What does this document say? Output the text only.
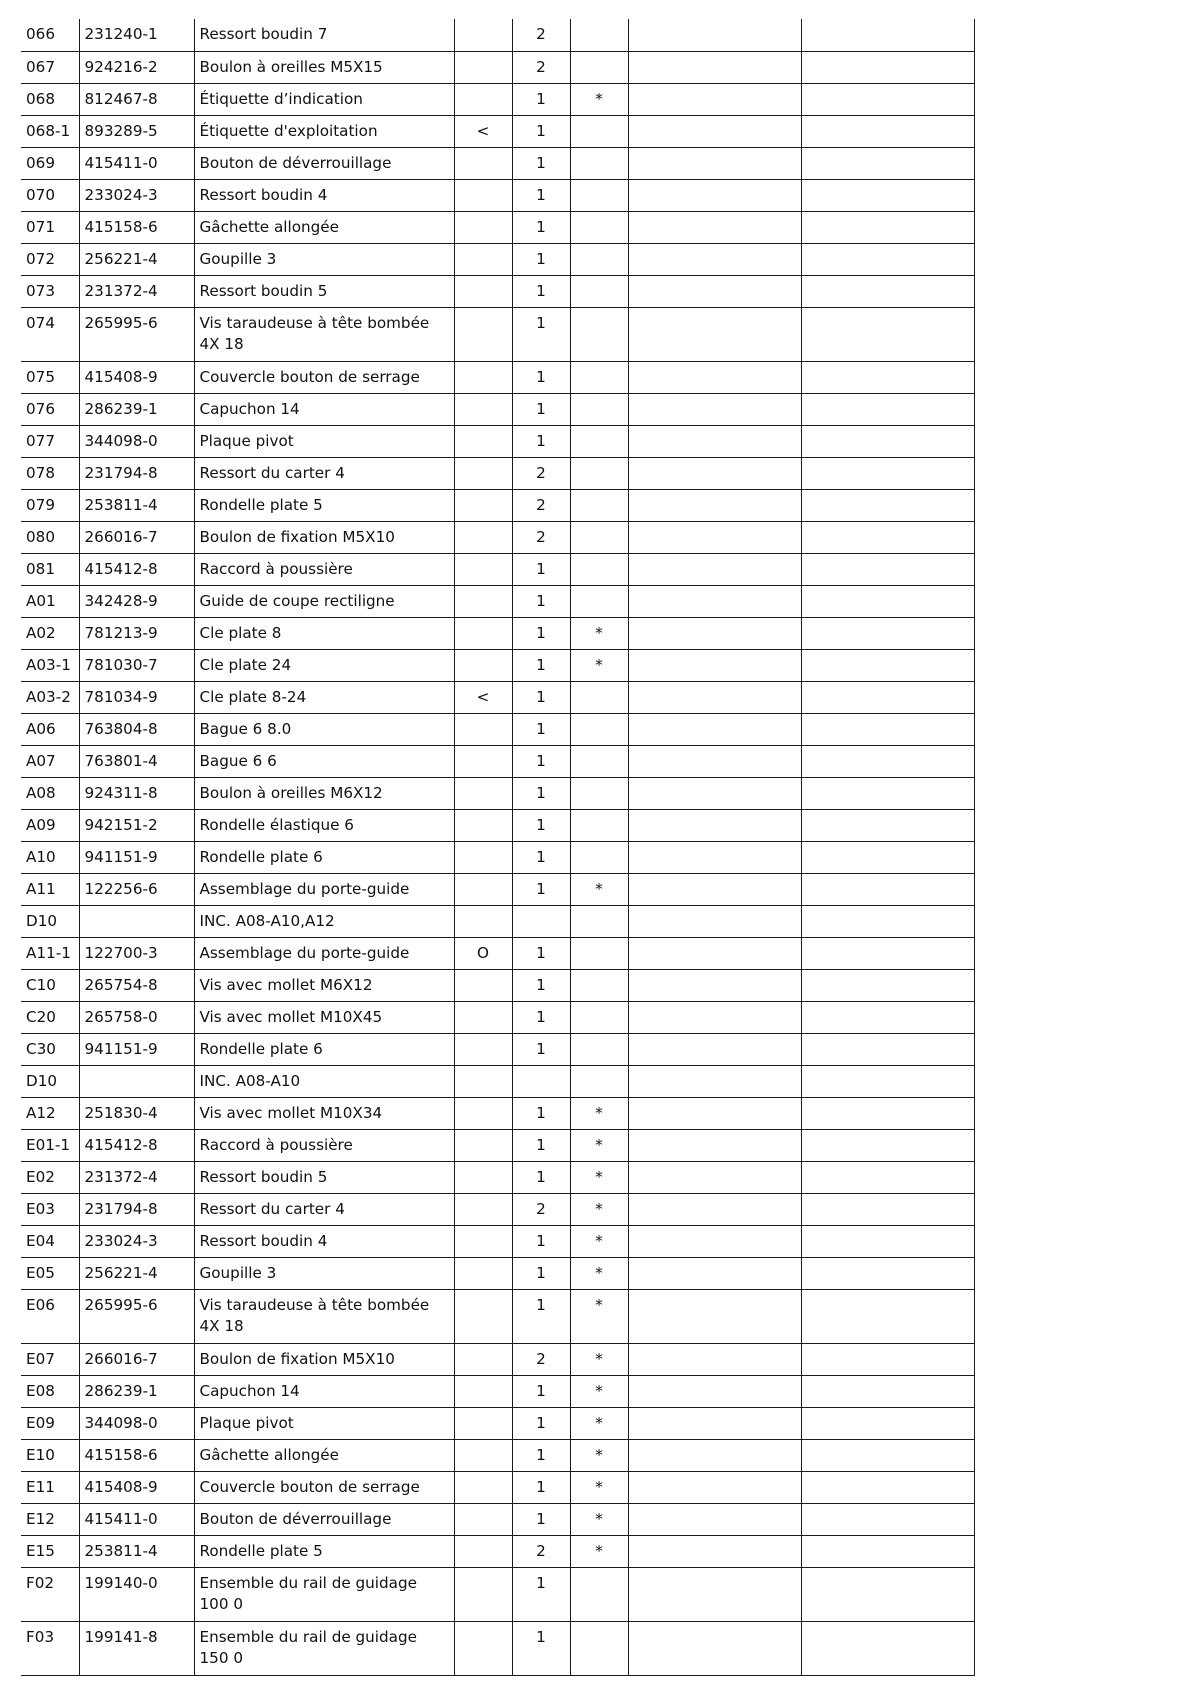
066	231240-1	Ressort boudin 7		2			

067	924216-2	Boulon à oreilles M5X15		2			

068	812467-8	Étiquette d’indication		1	*		

068-1	893289-5	Étiquette d'exploitation	<	1			

069	415411-0	Bouton de déverrouillage		1			

070	233024-3	Ressort boudin 4		1			

071	415158-6	Gâchette allongée		1			

072	256221-4	Goupille 3		1			

073	231372-4	Ressort boudin 5		1			

074	265995-6	Vis taraudeuse à tête bombée 4X 18		1			

075	415408-9	Couvercle bouton de serrage		1			

076	286239-1	Capuchon 14		1			

077	344098-0	Plaque pivot		1			

078	231794-8	Ressort du carter 4		2			

079	253811-4	Rondelle plate 5		2			

080	266016-7	Boulon de fixation M5X10		2			

081	415412-8	Raccord à poussière		1			

A01	342428-9	Guide de coupe rectiligne		1			

A02	781213-9	Cle plate 8		1	*		

A03-1	781030-7	Cle plate 24		1	*		

A03-2	781034-9	Cle plate 8-24	<	1			

A06	763804-8	Bague 6 8.0		1			

A07	763801-4	Bague 6 6		1			

A08	924311-8	Boulon à oreilles M6X12		1			

A09	942151-2	Rondelle élastique 6		1			

A10	941151-9	Rondelle plate 6		1			

A11	122256-6	Assemblage du porte-guide		1	*		

D10		INC. A08-A10,A12					

A11-1	122700-3	Assemblage du porte-guide	O	1			

C10	265754-8	Vis avec mollet M6X12		1			

C20	265758-0	Vis avec mollet M10X45		1			

C30	941151-9	Rondelle plate 6		1			

D10		INC. A08-A10					

A12	251830-4	Vis avec mollet M10X34		1	*		

E01-1	415412-8	Raccord à poussière		1	*		

E02	231372-4	Ressort boudin 5		1	*		

E03	231794-8	Ressort du carter 4		2	*		

E04	233024-3	Ressort boudin 4		1	*		

E05	256221-4	Goupille 3		1	*		

E06	265995-6	Vis taraudeuse à tête bombée 4X 18		1	*		

E07	266016-7	Boulon de fixation M5X10		2	*		

E08	286239-1	Capuchon 14		1	*		

E09	344098-0	Plaque pivot		1	*		

E10	415158-6	Gâchette allongée		1	*		

E11	415408-9	Couvercle bouton de serrage		1	*		

E12	415411-0	Bouton de déverrouillage		1	*		

E15	253811-4	Rondelle plate 5		2	*		

F02	199140-0	Ensemble du rail de guidage 100 0		1			

F03	199141-8	Ensemble du rail de guidage 150 0		1			
